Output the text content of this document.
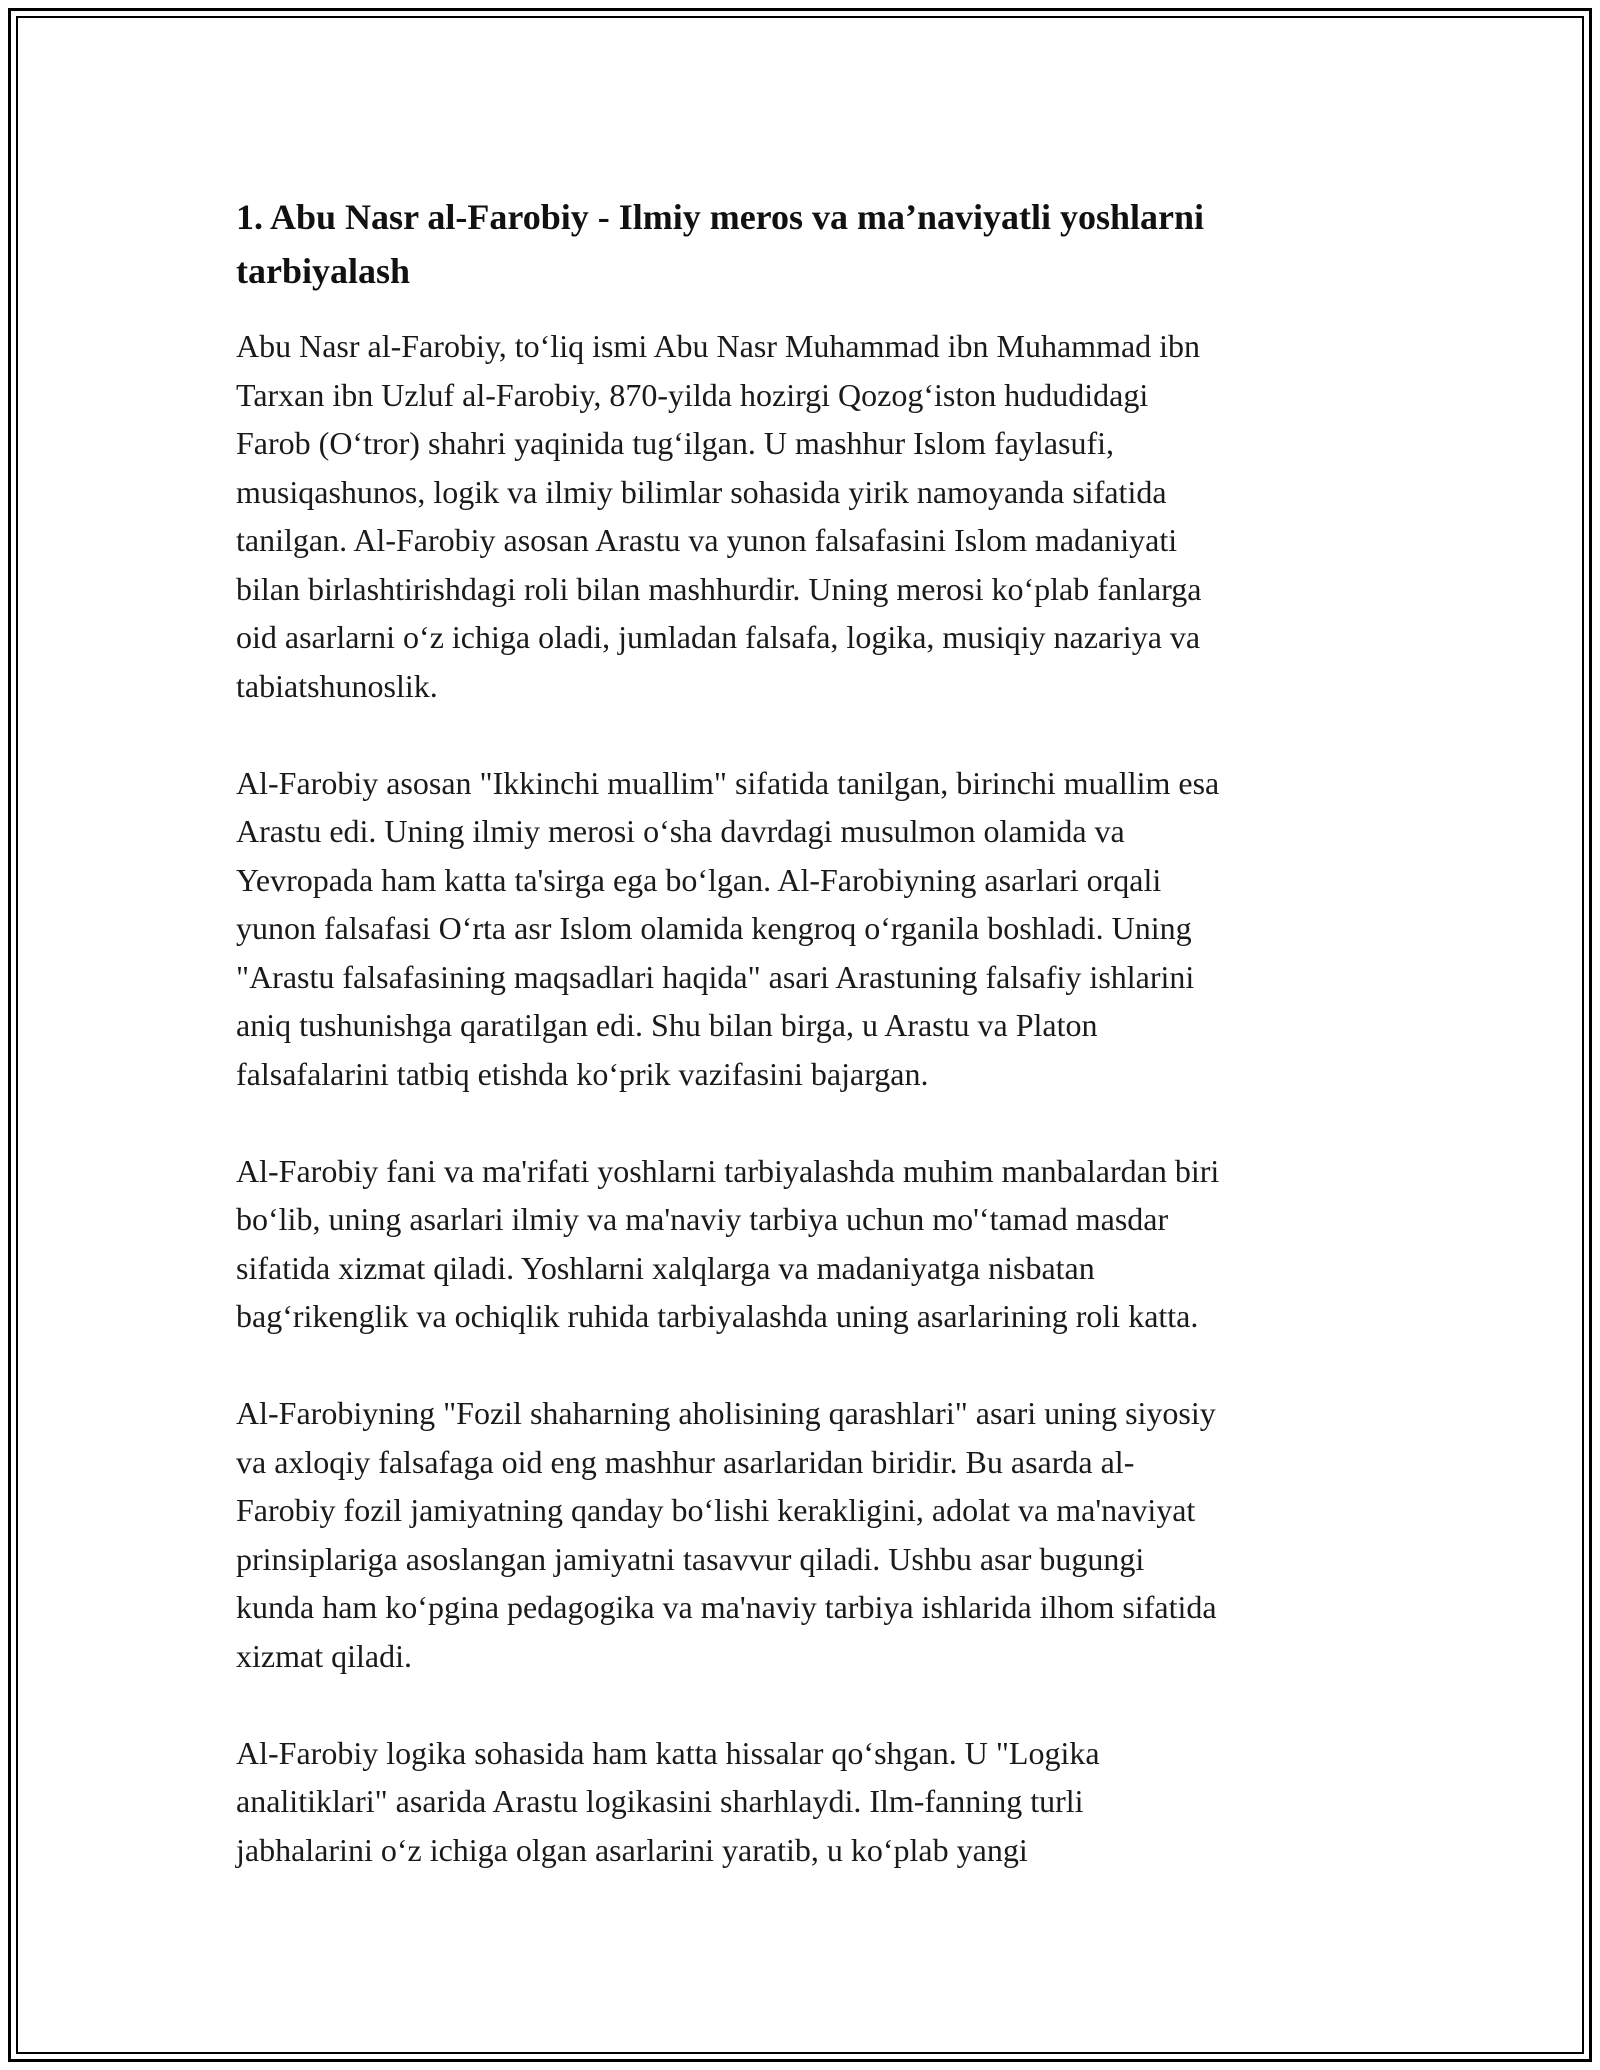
1. Abu Nasr al-Farobiy - Ilmiy meros va ma’naviyatli yoshlarni
tarbiyalash

Abu Nasr al-Farobiy, to‘liq ismi Abu Nasr Muhammad ibn Muhammad ibn
Tarxan ibn Uzluf al-Farobiy, 870-yilda hozirgi Qozog‘iston hududidagi
Farob (O‘tror) shahri yaqinida tug‘ilgan. U mashhur Islom faylasufi,
musiqashunos, logik va ilmiy bilimlar sohasida yirik namoyanda sifatida
tanilgan. Al-Farobiy asosan Arastu va yunon falsafasini Islom madaniyati
bilan birlashtirishdagi roli bilan mashhurdir. Uning merosi ko‘plab fanlarga
oid asarlarni o‘z ichiga oladi, jumladan falsafa, logika, musiqiy nazariya va
tabiatshunoslik.

Al-Farobiy asosan "Ikkinchi muallim" sifatida tanilgan, birinchi muallim esa
Arastu edi. Uning ilmiy merosi o‘sha davrdagi musulmon olamida va
Yevropada ham katta ta'sirga ega bo‘lgan. Al-Farobiyning asarlari orqali
yunon falsafasi O‘rta asr Islom olamida kengroq o‘rganila boshladi. Uning
"Arastu falsafasining maqsadlari haqida" asari Arastuning falsafiy ishlarini
aniq tushunishga qaratilgan edi. Shu bilan birga, u Arastu va Platon
falsafalarini tatbiq etishda ko‘prik vazifasini bajargan.

Al-Farobiy fani va ma'rifati yoshlarni tarbiyalashda muhim manbalardan biri
bo‘lib, uning asarlari ilmiy va ma'naviy tarbiya uchun mo'‘tamad masdar
sifatida xizmat qiladi. Yoshlarni xalqlarga va madaniyatga nisbatan
bag‘rikenglik va ochiqlik ruhida tarbiyalashda uning asarlarining roli katta.

Al-Farobiyning "Fozil shaharning aholisining qarashlari" asari uning siyosiy
va axloqiy falsafaga oid eng mashhur asarlaridan biridir. Bu asarda al-
Farobiy fozil jamiyatning qanday bo‘lishi kerakligini, adolat va ma'naviyat
prinsiplariga asoslangan jamiyatni tasavvur qiladi. Ushbu asar bugungi
kunda ham ko‘pgina pedagogika va ma'naviy tarbiya ishlarida ilhom sifatida
xizmat qiladi.

Al-Farobiy logika sohasida ham katta hissalar qo‘shgan. U "Logika
analitiklari" asarida Arastu logikasini sharhlaydi. Ilm-fanning turli
jabhalarini o‘z ichiga olgan asarlarini yaratib, u ko‘plab yangi
